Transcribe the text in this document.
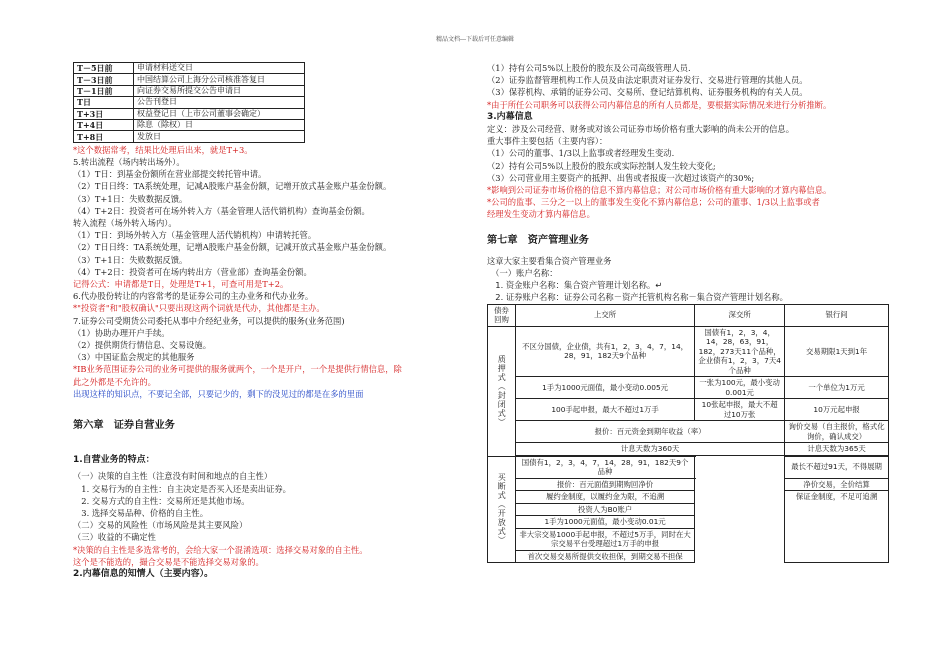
精品文档---下载后可任意编辑
T－5日前	申请材料送交日
T－3日前	中国结算公司上海分公司核准答复日
T－1日前	向证券交易所提交公告申请日
T日	公告刊登日
T+3日	权益登记日（上市公司董事会确定）
T+4日	除息（除权）日
T+8日	发放日
*这个数据常考，结果比处理后出来，就是T+3。
5.转出流程（场内转出场外）。
（1）T日：到基金份额所在营业部提交转托管申请。
（2）T日日终：TA系统处理，记减A股账户基金份额，记增开放式基金账户基金份额。
（3）T+1日：失败数据反馈。
（4）T+2日：投资者可在场外转入方（基金管理人活代销机构）查询基金份额。
转入流程（场外转入场内）。
（1）T日：到场外转入方（基金管理人活代销机构）申请转托管。
（2）T日日终：TA系统处理，记增A股账户基金份额，记减开放式基金账户基金份额。
（3）T+1日：失败数据反馈。
（4）T+2日：投资者可在场内转出方（营业部）查询基金份额。
记得公式：申请都是T日，处理是T+1，可查可用是T+2。
6.代办股份转让的内容常考的是证券公司的主办业务和代办业务。
*"投资者"和"股权确认"只要出现这两个词就是代办，其他都是主办。
7.证券公司受期货公司委托从事中介经纪业务，可以提供的服务(业务范围)
（1）协助办理开户手续。
（2）提供期货行情信息、交易设施。
（3）中国证监会规定的其他服务
*IB业务范围证券公司的业务可提供的服务就两个，一个是开户，一个是提供行情信息，除
此之外都是不允许的。
出现这样的知识点，不要记全部，只要记少的，剩下的没见过的都是在多的里面
第六章　证券自营业务
1.自营业务的特点：
（一）决策的自主性（注意没有时间和地点的自主性）
　1. 交易行为的自主性：自主决定是否买入还是卖出证券。
　2. 交易方式的自主性：交易所还是其他市场。
　3. 选择交易品种、价格的自主性。
（二）交易的风险性（市场风险是其主要风险）
（三）收益的不确定性
*决策的自主性是多选常考的，会给大家一个混淆选项：选择交易对象的自主性。
这个是不能选的，撮合交易是不能选择交易对象的。
2.内幕信息的知情人（主要内容）。
（1）持有公司5%以上股份的股东及公司高级管理人员.
（2）证券监督管理机构工作人员及由法定职责对证券发行、交易进行管理的其他人员。
（3）保荐机构、承销的证券公司、交易所、登记结算机构、证券服务机构的有关人员。
*由于所任公司职务可以获得公司内幕信息的所有人员都是，要根据实际情况来进行分析推断。
3.内幕信息
定义：涉及公司经营、财务或对该公司证券市场价格有重大影响的尚未公开的信息。
重大事件主要包括（主要内容）：
（1）公司的董事、1/3以上监事或者经理发生变动.
（2）持有公司5%以上股份的股东或实际控制人发生较大变化;
（3）公司营业用主要资产的抵押、出售或者报废一次超过该资产的30%;
*影响到公司证券市场价格的信息不算内幕信息；对公司市场价格有重大影响的才算内幕信息。
*公司的监事、三分之一以上的董事发生变化不算内幕信息；公司的董事、1/3以上监事或者
经理发生变动才算内幕信息。
第七章　资产管理业务
这章大家主要看集合资产管理业务
　（一）账户名称：
　1. 资金账户名称：集合资产管理计划名称。↵
　2. 证券账户名称：证券公司名称－资产托管机构名称－集合资产管理计划名称。
债券回购	上交所	深交所	银行间

质押式（封闭式）	不区分国债，企业债，共有1，2，3，4，7，14，28，91，182天9个品种	国债有1，2，3，4，14，28，63，91，182，273天11个品种，企业债有1，2，3，7天4个品种	交易期限1天到1年
	1手为1000元面值，最小变动0.005元	一张为100元，最小变动0.001元	一个单位为1万元
	100手起申报，最大不超过1万手	10张起申报，最大不超过10万张	10万元起申报
	报价：百元资金到期年收益（率）		询价交易（自主报价，格式化询价，确认成交）
	计息天数为360天		计息天数为365天

买断式（开放式）	国债有1，2，3，4，7，14，28，91，182天9个品种		最长不超过91天，不得展期
	报价：百元面值到期购回净价		净价交易，全价结算
	履约金制度，以履约金为限，不追溯		保证金制度，不足可追溯
	投资人为B0账户		
	1手为1000元面值，最小变动0.01元		
	非大宗交易1000手起申报，不超过5万手，同时在大宗交易平台受理超过1万手的申报		
	首次交易交易所提供交收担保，到期交易不担保		
